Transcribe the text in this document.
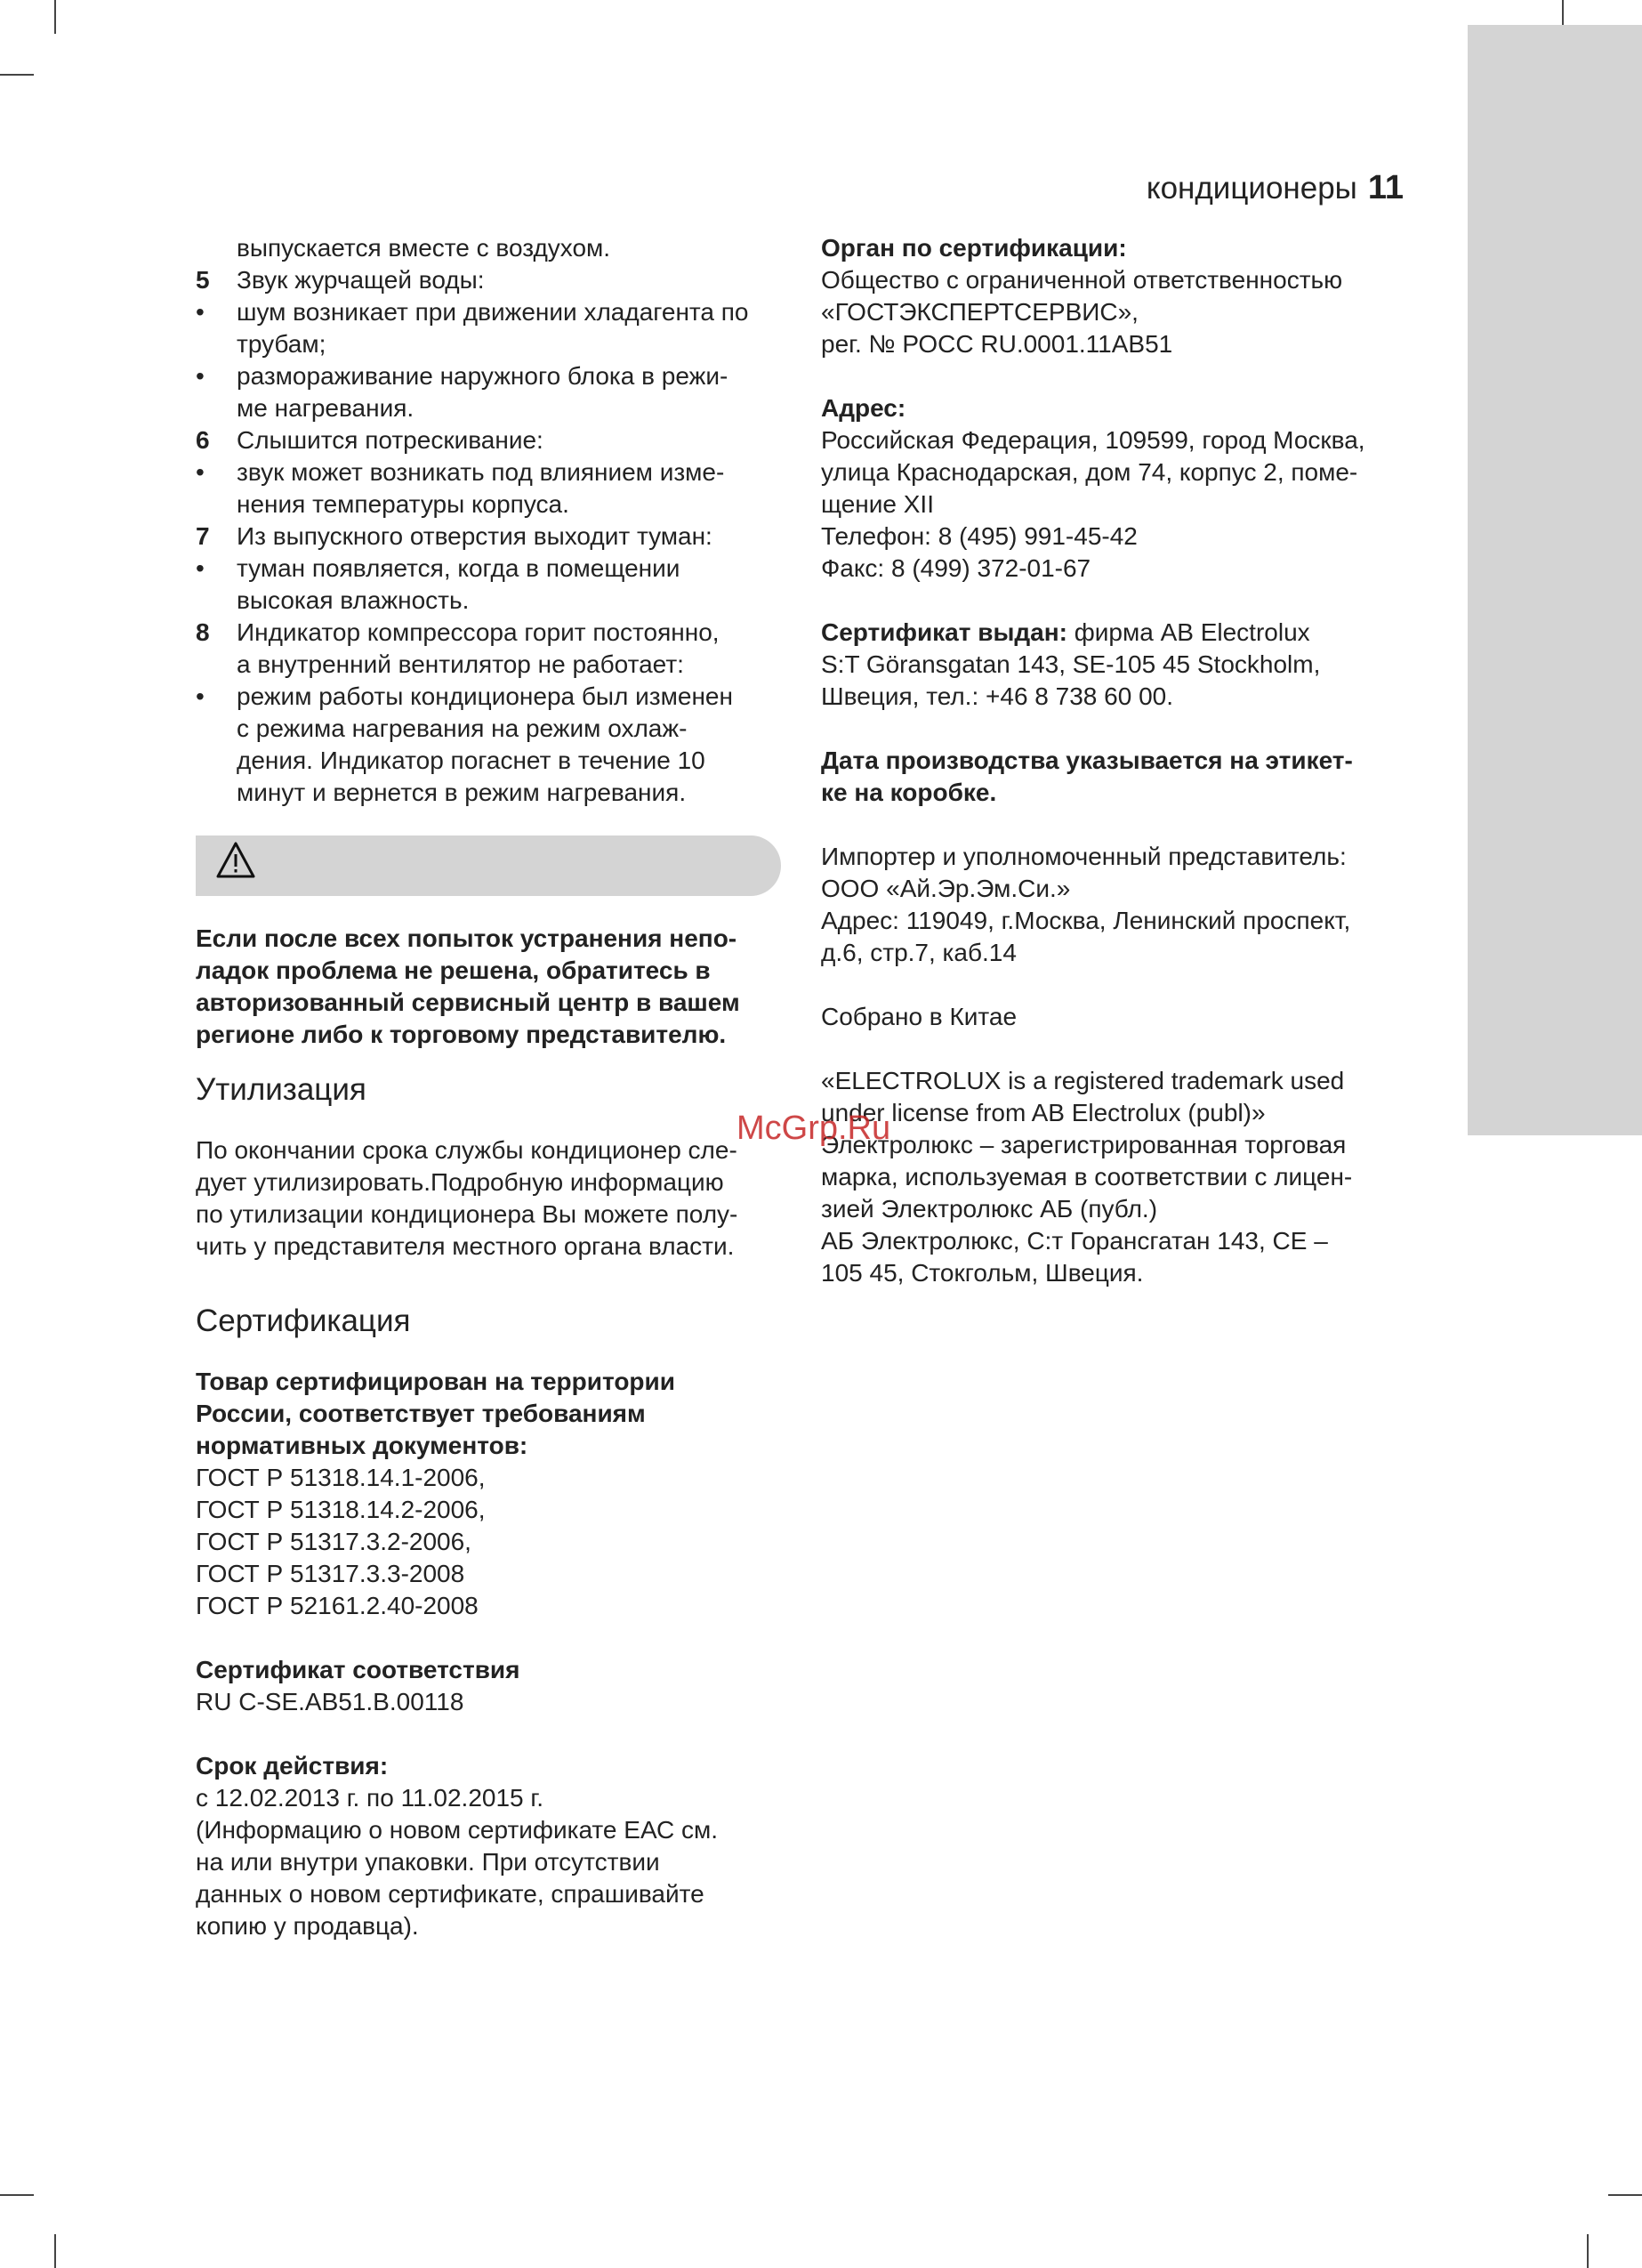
кондиционеры 11
выпускается вместе с воздухом.
5 Звук журчащей воды:
• шум возникает при движении хладагента по
трубам;
• размораживание наружного блока в режи-
ме нагревания.
6 Слышится потрескивание:
• звук может возникать под влиянием изме-
нения температуры корпуса.
7 Из выпускного отверстия выходит туман:
• туман появляется, когда в помещении
высокая влажность.
8 Индикатор компрессора горит постоянно,
а внутренний вентилятор не работает:
• режим работы кондиционера был изменен
с режима нагревания на режим охлаж-
дения. Индикатор погаснет в течение 10
минут и вернется в режим нагревания.
Если после всех попыток устранения непо-
ладок проблема не решена, обратитесь в
авторизованный сервисный центр в вашем
регионе либо к торговому представителю.
Утилизация
По окончании срока службы кондиционер сле-
дует утилизировать.Подробную информацию
по утилизации кондиционера Вы можете полу-
чить у представителя местного органа власти.
Сертификация
Товар сертифицирован на территории
России, соответствует требованиям
нормативных документов:
ГОСТ Р 51318.14.1-2006,
ГОСТ Р 51318.14.2-2006,
ГОСТ Р 51317.3.2-2006,
ГОСТ Р 51317.3.3-2008
ГОСТ Р 52161.2.40-2008
Сертификат соответствия
RU C-SE.AB51.B.00118
Срок действия:
с 12.02.2013 г. по 11.02.2015 г.
(Информацию о новом сертификате ЕАС см.
на или внутри упаковки. При отсутствии
данных о новом сертификате, спрашивайте
копию у продавца).
Орган по сертификации:
Общество с ограниченной ответственностью
«ГОСТЭКСПЕРТСЕРВИС»,
рег. № РОСС RU.0001.11АВ51
Адрес:
Российская Федерация, 109599, город Москва,
улица Краснодарская, дом 74, корпус 2, поме-
щение XII
Телефон: 8 (495) 991-45-42
Факс: 8 (499) 372-01-67
Сертификат выдан: фирма AB Electrolux
S:T Göransgatan 143, SE-105 45 Stockholm,
Швеция, тел.: +46 8 738 60 00.
Дата производства указывается на этикет-
ке на коробке.
Импортер и уполномоченный представитель:
ООО «Ай.Эр.Эм.Си.»
Адрес: 119049, г.Москва, Ленинский проспект,
д.6, стр.7, каб.14
Собрано в Китае
«ELECTROLUX is a registered trademark used
under license from AB Electrolux (publ)»
Электролюкс – зарегистрированная торговая
марка, используемая в соответствии с лицен-
зией Электролюкс АБ (публ.)
АБ Электролюкс, С:т Горансгатан 143, СЕ –
105 45, Стокгольм, Швеция.
McGrp.Ru
